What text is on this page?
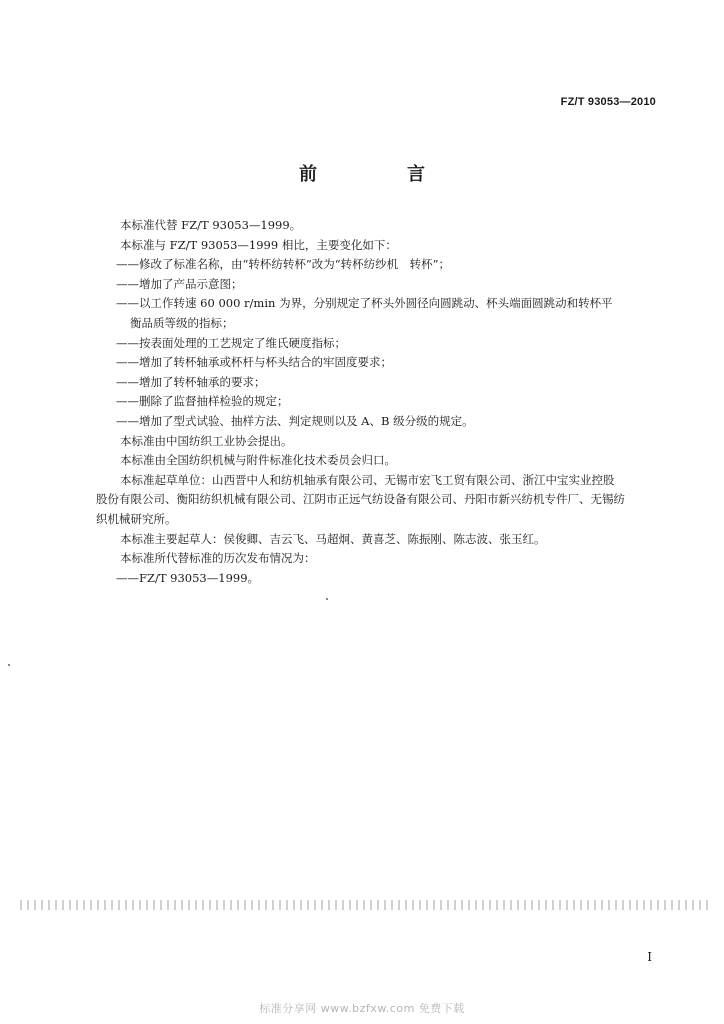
FZ/T 93053—2010
前　言
本标准代替 FZ/T 93053—1999。
本标准与 FZ/T 93053—1999 相比，主要变化如下：
——修改了标准名称，由“转杯纺转杯”改为“转杯纺纱机　转杯”；
——增加了产品示意图；
——以工作转速 60 000 r/min 为界，分别规定了杯头外圆径向圆跳动、杯头端面圆跳动和转杯平
衡品质等级的指标；
——按表面处理的工艺规定了维氏硬度指标；
——增加了转杯轴承或杯杆与杯头结合的牢固度要求；
——增加了转杯轴承的要求；
——删除了监督抽样检验的规定；
——增加了型式试验、抽样方法、判定规则以及 A、B 级分级的规定。
本标准由中国纺织工业协会提出。
本标准由全国纺织机械与附件标准化技术委员会归口。
本标准起草单位：山西晋中人和纺机轴承有限公司、无锡市宏飞工贸有限公司、浙江中宝实业控股
股份有限公司、衡阳纺织机械有限公司、江阴市正远气纺设备有限公司、丹阳市新兴纺机专件厂、无锡纺
织机械研究所。
本标准主要起草人：侯俊卿、吉云飞、马超炯、黄喜芝、陈振刚、陈志波、张玉红。
本标准所代替标准的历次发布情况为：
——FZ/T 93053—1999。
I
标准分享网 www.bzfxw.com 免费下载
